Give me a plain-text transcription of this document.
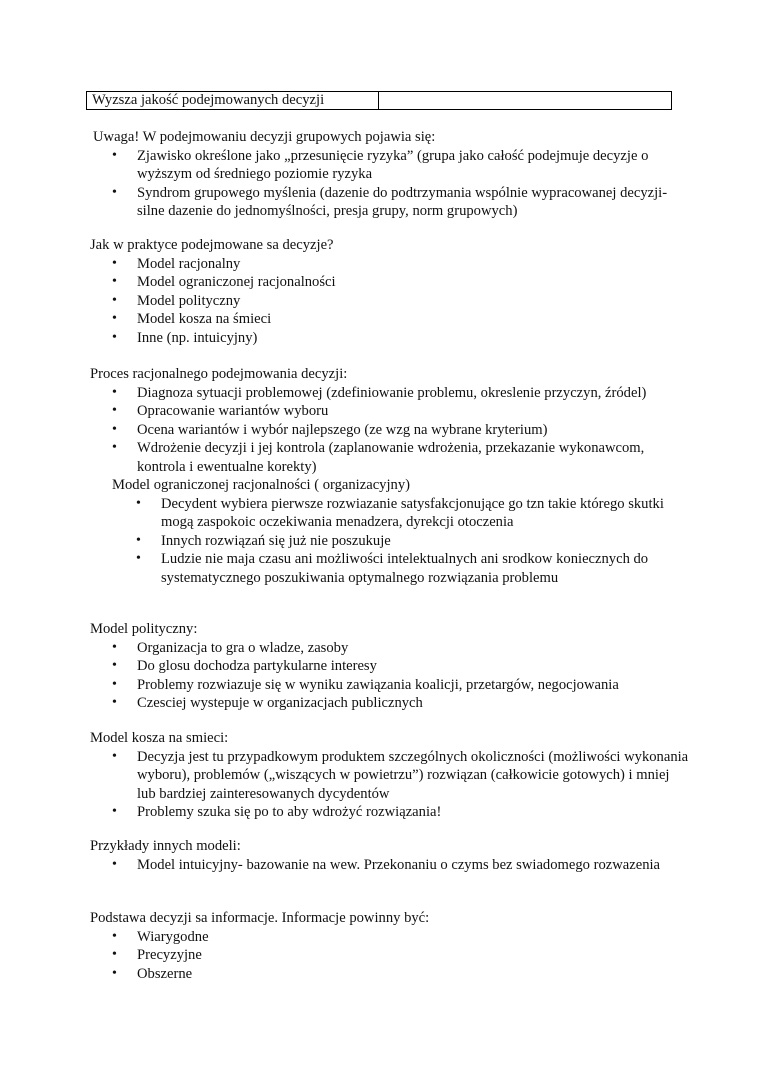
Wyzsza jakość podejmowanych decyzji	

Uwaga! W podejmowaniu decyzji grupowych pojawia się:

• Zjawisko określone jako „przesunięcie ryzyka” (grupa jako całość podejmuje decyzje o wyższym od średniego poziomie ryzyka
• Syndrom grupowego myślenia (dazenie do podtrzymania wspólnie wypracowanej decyzji- silne dazenie do jednomyślności, presja grupy, norm grupowych)

Jak w praktyce podejmowane sa decyzje?

• Model racjonalny
• Model ograniczonej racjonalności
• Model polityczny
• Model kosza na śmieci
• Inne (np. intuicyjny)

Proces racjonalnego podejmowania decyzji:

• Diagnoza sytuacji problemowej (zdefiniowanie problemu, okreslenie przyczyn, źródel)
• Opracowanie wariantów wyboru
• Ocena wariantów i wybór najlepszego (ze wzg na wybrane kryterium)
• Wdrożenie decyzji i jej kontrola (zaplanowanie wdrożenia, przekazanie wykonawcom, kontrola i ewentualne korekty)

Model ograniczonej racjonalności ( organizacyjny)

• Decydent wybiera pierwsze rozwiazanie satysfakcjonujące go tzn takie którego skutki mogą zaspokoic oczekiwania menadzera, dyrekcji otoczenia
• Innych rozwiązań się już nie poszukuje
• Ludzie nie maja czasu ani możliwości intelektualnych ani srodkow koniecznych do systematycznego poszukiwania optymalnego rozwiązania problemu

Model polityczny:

• Organizacja to gra o wladze, zasoby
• Do glosu dochodza partykularne interesy
• Problemy rozwiazuje się w wyniku zawiązania koalicji, przetargów, negocjowania
• Czesciej wystepuje w organizacjach publicznych

Model kosza na smieci:

• Decyzja jest tu przypadkowym produktem szczególnych okoliczności (możliwości wykonania wyboru), problemów („wiszących w powietrzu”) rozwiązan (całkowicie gotowych) i mniej lub bardziej zainteresowanych dycydentów
• Problemy szuka się po to aby wdrożyć rozwiązania!

Przykłady innych modeli:

• Model intuicyjny- bazowanie na wew. Przekonaniu o czyms bez swiadomego rozwazenia

Podstawa decyzji sa informacje. Informacje powinny być:

• Wiarygodne
• Precyzyjne
• Obszerne
